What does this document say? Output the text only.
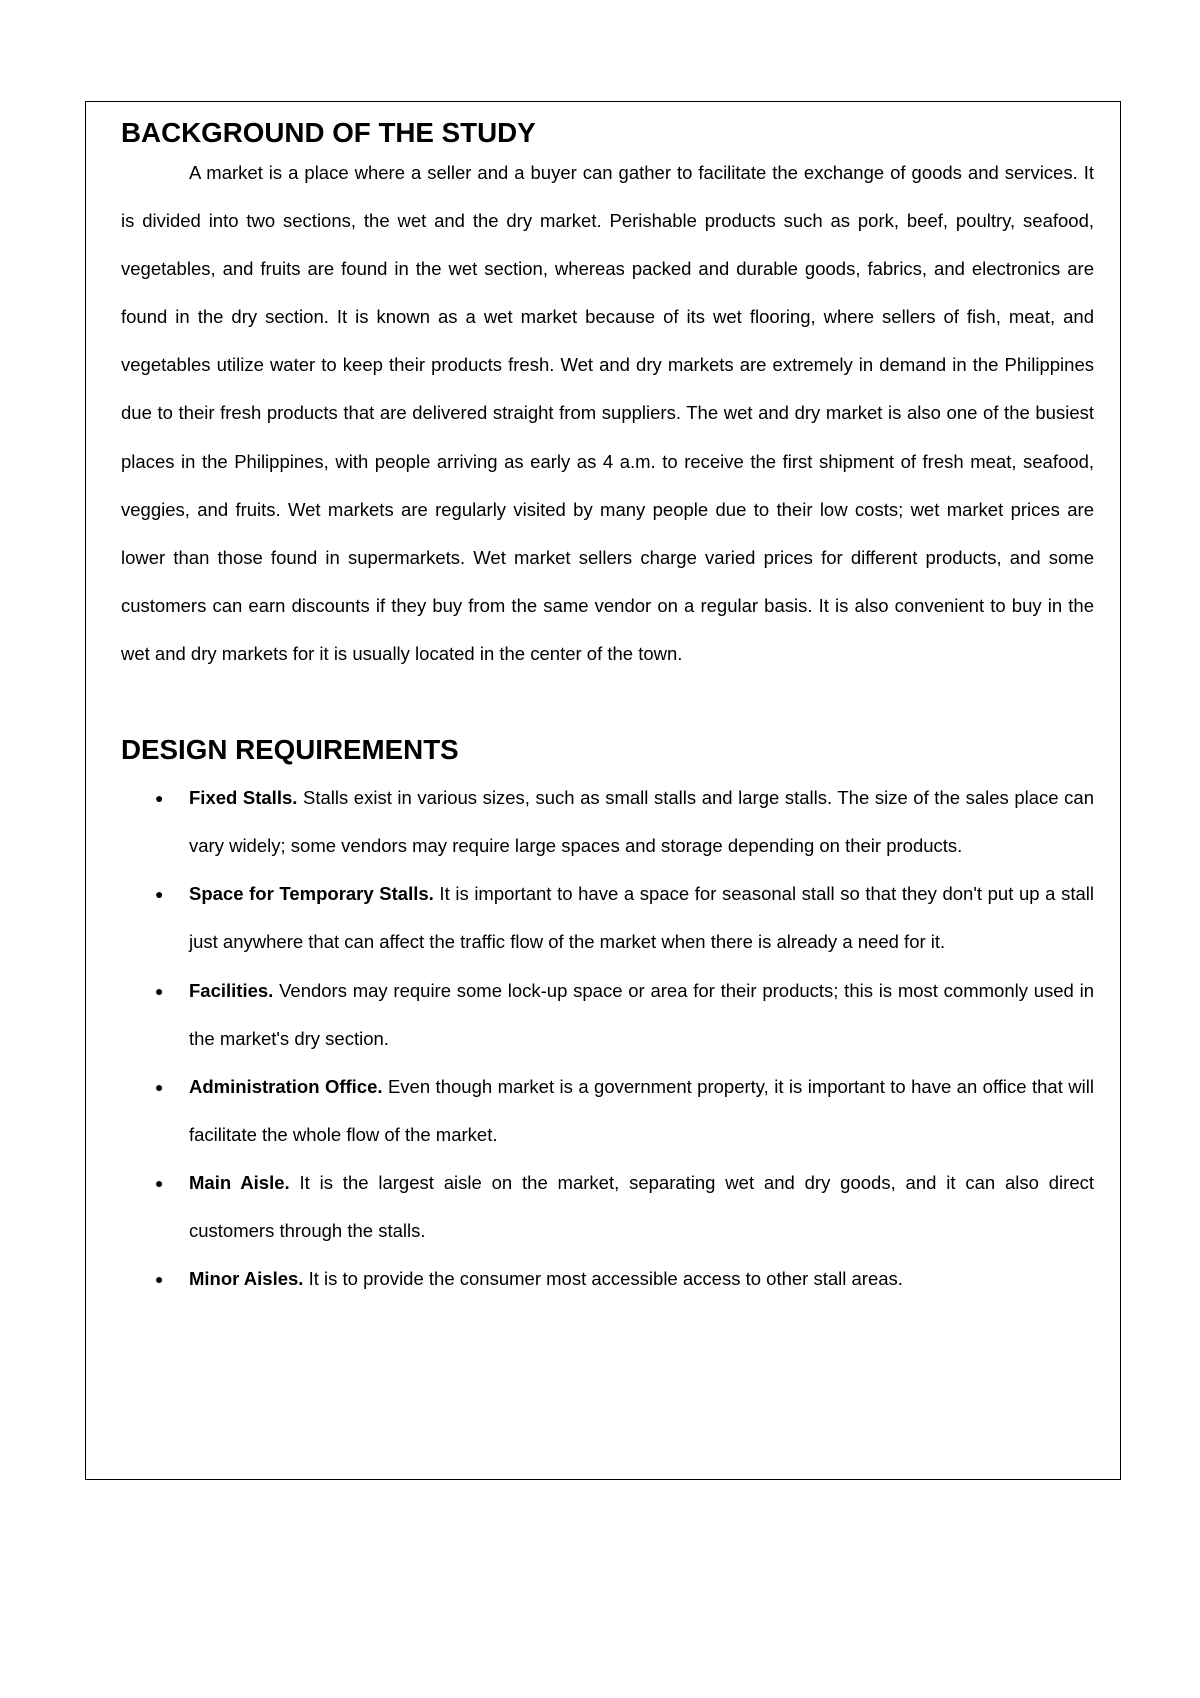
BACKGROUND OF THE STUDY

A market is a place where a seller and a buyer can gather to facilitate the exchange of goods and services. It is divided into two sections, the wet and the dry market. Perishable products such as pork, beef, poultry, seafood, vegetables, and fruits are found in the wet section, whereas packed and durable goods, fabrics, and electronics are found in the dry section. It is known as a wet market because of its wet flooring, where sellers of fish, meat, and vegetables utilize water to keep their products fresh. Wet and dry markets are extremely in demand in the Philippines due to their fresh products that are delivered straight from suppliers. The wet and dry market is also one of the busiest places in the Philippines, with people arriving as early as 4 a.m. to receive the first shipment of fresh meat, seafood, veggies, and fruits. Wet markets are regularly visited by many people due to their low costs; wet market prices are lower than those found in supermarkets. Wet market sellers charge varied prices for different products, and some customers can earn discounts if they buy from the same vendor on a regular basis. It is also convenient to buy in the wet and dry markets for it is usually located in the center of the town.

DESIGN REQUIREMENTS
● Fixed Stalls. Stalls exist in various sizes, such as small stalls and large stalls. The size of the sales place can vary widely; some vendors may require large spaces and storage depending on their products.
● Space for Temporary Stalls. It is important to have a space for seasonal stall so that they don't put up a stall just anywhere that can affect the traffic flow of the market when there is already a need for it.
● Facilities. Vendors may require some lock-up space or area for their products; this is most commonly used in the market's dry section.
● Administration Office. Even though market is a government property, it is important to have an office that will facilitate the whole flow of the market.
● Main Aisle. It is the largest aisle on the market, separating wet and dry goods, and it can also direct customers through the stalls.
● Minor Aisles. It is to provide the consumer most accessible access to other stall areas.
